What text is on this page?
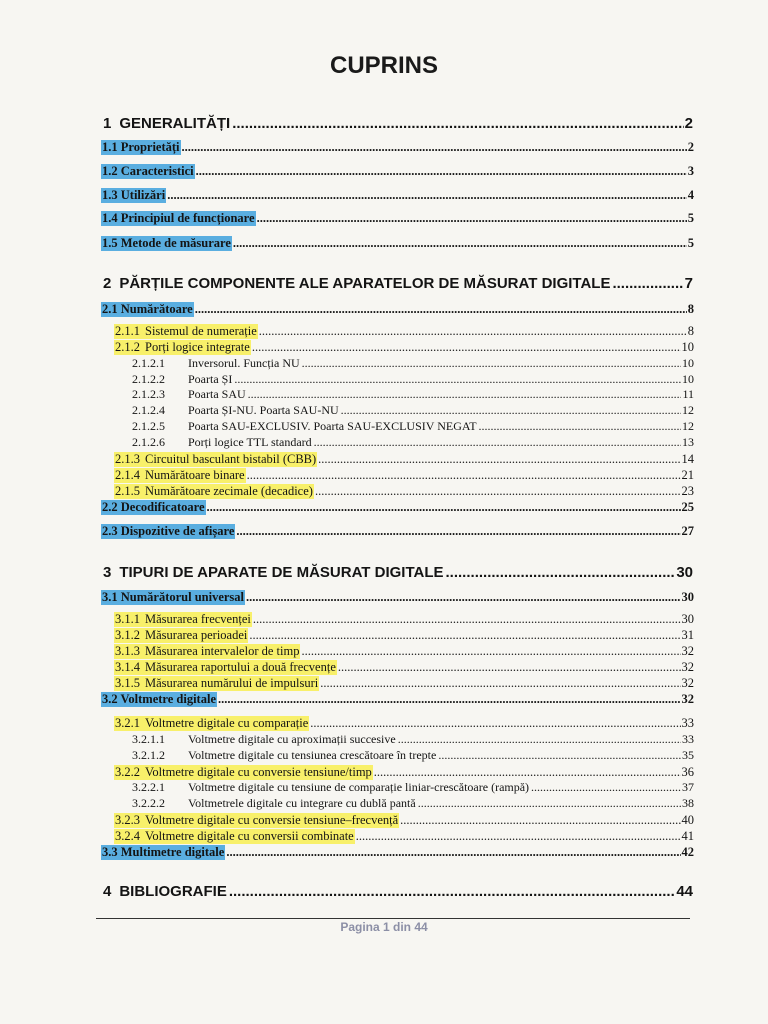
CUPRINS
1 GENERALITĂȚI .....	2
1.1 Proprietăți .....	2
1.2 Caracteristici .....	3
1.3 Utilizări .....	4
1.4 Principiul de funcționare .....	5
1.5 Metode de măsurare .....	5
2 PĂRȚILE COMPONENTE ALE APARATELOR DE MĂSURAT DIGITALE .....	7
2.1 Numărătoare .....	8
2.1.1 Sistemul de numerație .....	8
2.1.2 Porți logice integrate .....	10
2.1.2.1 Inversorul. Funcția NU .....	10
2.1.2.2 Poarta ȘI .....	10
2.1.2.3 Poarta SAU .....	11
2.1.2.4 Poarta ȘI-NU. Poarta SAU-NU .....	12
2.1.2.5 Poarta SAU-EXCLUSIV. Poarta SAU-EXCLUSIV NEGAT .....	12
2.1.2.6 Porți logice TTL standard .....	13
2.1.3 Circuitul basculant bistabil (CBB) .....	14
2.1.4 Numărătoare binare .....	21
2.1.5 Numărătoare zecimale (decadice) .....	23
2.2 Decodificatoare .....	25
2.3 Dispozitive de afișare .....	27
3 TIPURI DE APARATE DE MĂSURAT DIGITALE .....	30
3.1 Numărătorul universal .....	30
3.1.1 Măsurarea frecvenței .....	30
3.1.2 Măsurarea perioadei .....	31
3.1.3 Măsurarea intervalelor de timp .....	32
3.1.4 Măsurarea raportului a două frecvențe .....	32
3.1.5 Măsurarea numărului de impulsuri .....	32
3.2 Voltmetre digitale .....	32
3.2.1 Voltmetre digitale cu comparație .....	33
3.2.1.1 Voltmetre digitale cu aproximații succesive .....	33
3.2.1.2 Voltmetre digitale cu tensiunea crescătoare în trepte .....	35
3.2.2 Voltmetre digitale cu conversie tensiune/timp .....	36
3.2.2.1 Voltmetre digitale cu tensiune de comparație liniar-crescătoare (rampă) .....	37
3.2.2.2 Voltmetrele digitale cu integrare cu dublă pantă .....	38
3.2.3 Voltmetre digitale cu conversie tensiune–frecvență .....	40
3.2.4 Voltmetre digitale cu conversii combinate .....	41
3.3 Multimetre digitale .....	42
4 BIBLIOGRAFIE .....	44
Pagina 1 din 44
